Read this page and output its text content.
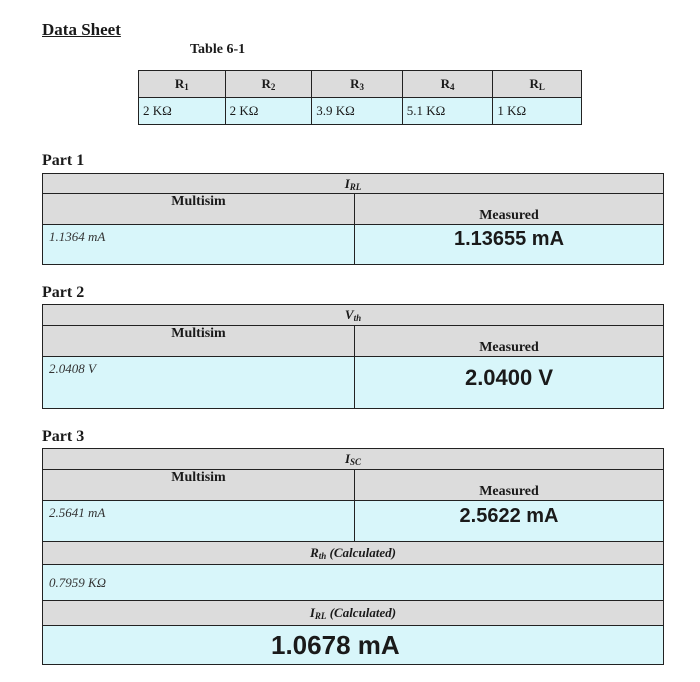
Data Sheet
Table 6-1
$R_1$	$R_2$	$R_3$	$R_4$	$R_L$
2 KΩ	2 KΩ	3.9 KΩ	5.1 KΩ	1 KΩ
Part 1
$I_{RL}$
Multisim	Measured
1.1364 mA	1.13655 mA
Part 2
$V_{th}$
Multisim	Measured
2.0408 V	2.0400 V
Part 3
$I_{SC}$
Multisim	Measured
2.5641 mA	2.5622 mA
$R_{th}$ (Calculated)	
0.7959 KΩ	
$I_{RL}$ (Calculated)	
1.0678 mA	
